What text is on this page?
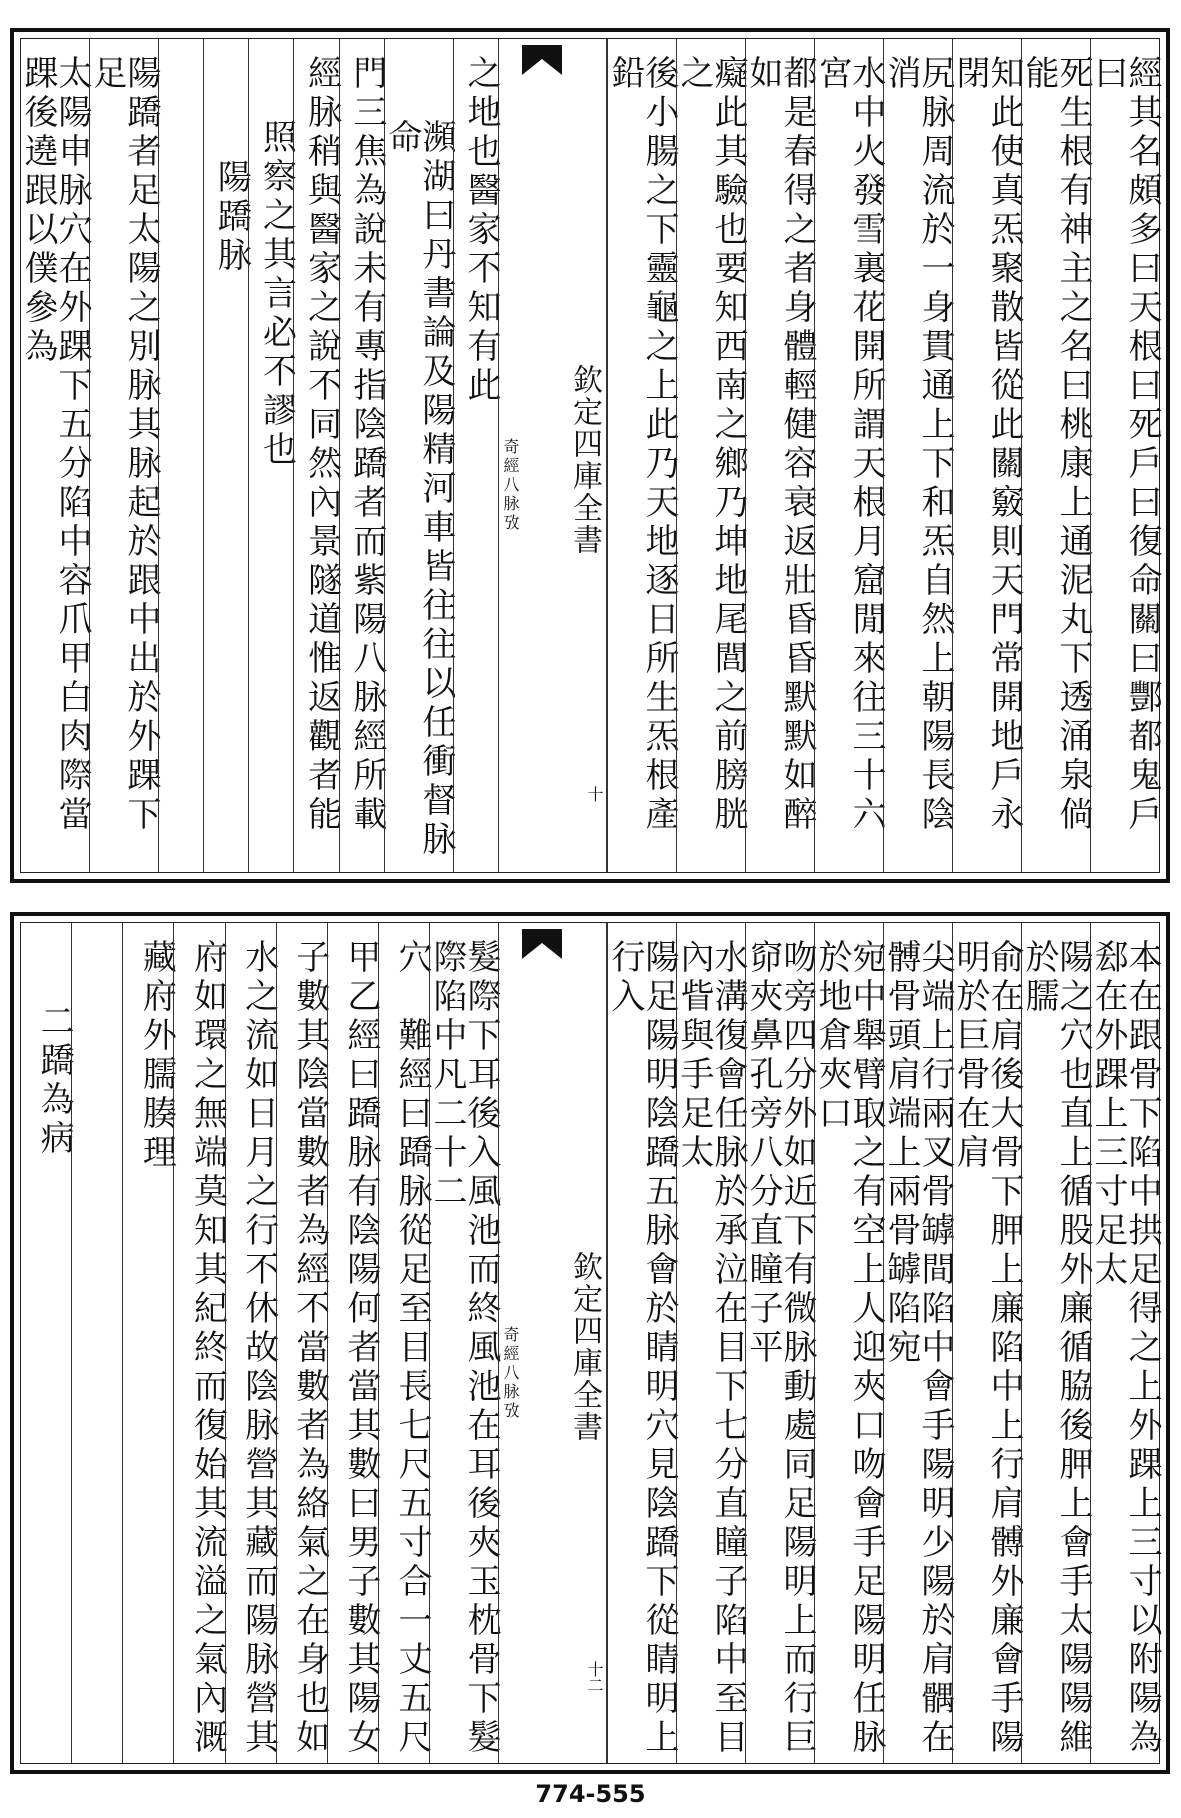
經其名頗多曰天根曰死戶曰復命關曰酆都鬼戶曰
死生根有神主之名曰桃康上通泥丸下透涌泉倘能
知此使真炁聚散皆從此關竅則天門常開地戶永閉
尻脉周流於一身貫通上下和炁自然上朝陽長陰消
水中火發雪裏花開所謂天根月窟閒來往三十六宮
都是春得之者身體輕健容衰返壯昏昏默默如醉如
癡此其驗也要知西南之鄉乃坤地尾閭之前膀胱之
後小腸之下靈龜之上此乃天地逐日所生炁根產鉛
欽定四庫全書
奇經八脉攷
十
之地也醫家不知有此
瀕湖曰丹書論及陽精河車皆往往以任衝督脉命
門三焦為說未有專指陰蹻者而紫陽八脉經所載
經脉稍與醫家之說不同然內景隧道惟返觀者能
照察之其言必不謬也
陽蹻脉
陽蹻者足太陽之別脉其脉起於跟中出於外踝下足
太陽申脉穴在外踝下五分陷中容爪甲白肉際當踝後遶跟以僕參為
本在跟骨下陷中拱足得之上外踝上三寸以附陽為郄在外踝上三寸足太
陽之穴也直上循股外廉循脇後胛上會手太陽陽維於臑
俞在肩後大骨下胛上廉陷中上行肩髆外廉會手陽明於巨骨在肩
尖端上行兩叉骨罅間陷中會手陽明少陽於肩髃在髆骨頭肩端上兩骨罅陷宛
宛中舉臂取之有空上人迎夾口吻會手足陽明任脉於地倉夾口
吻旁四分外如近下有微脉動處同足陽明上而行巨窌夾鼻孔旁八分直瞳子平
水溝復會任脉於承泣在目下七分直瞳子陷中至目內眥與手足太
陽足陽明陰蹻五脉會於睛明穴見陰蹻下從睛明上行入
欽定四庫全書
奇經八脉攷
十二
髮際下耳後入風池而終風池在耳後夾玉枕骨下髮際陷中凡二十二
穴　難經曰蹻脉從足至目長七尺五寸合一丈五尺
甲乙經曰蹻脉有陰陽何者當其數曰男子數其陽女
子數其陰當數者為經不當數者為絡氣之在身也如
水之流如日月之行不休故陰脉營其藏而陽脉營其
府如環之無端莫知其紀終而復始其流溢之氣內溉
藏府外臑腠理
二蹻為病
774-555
